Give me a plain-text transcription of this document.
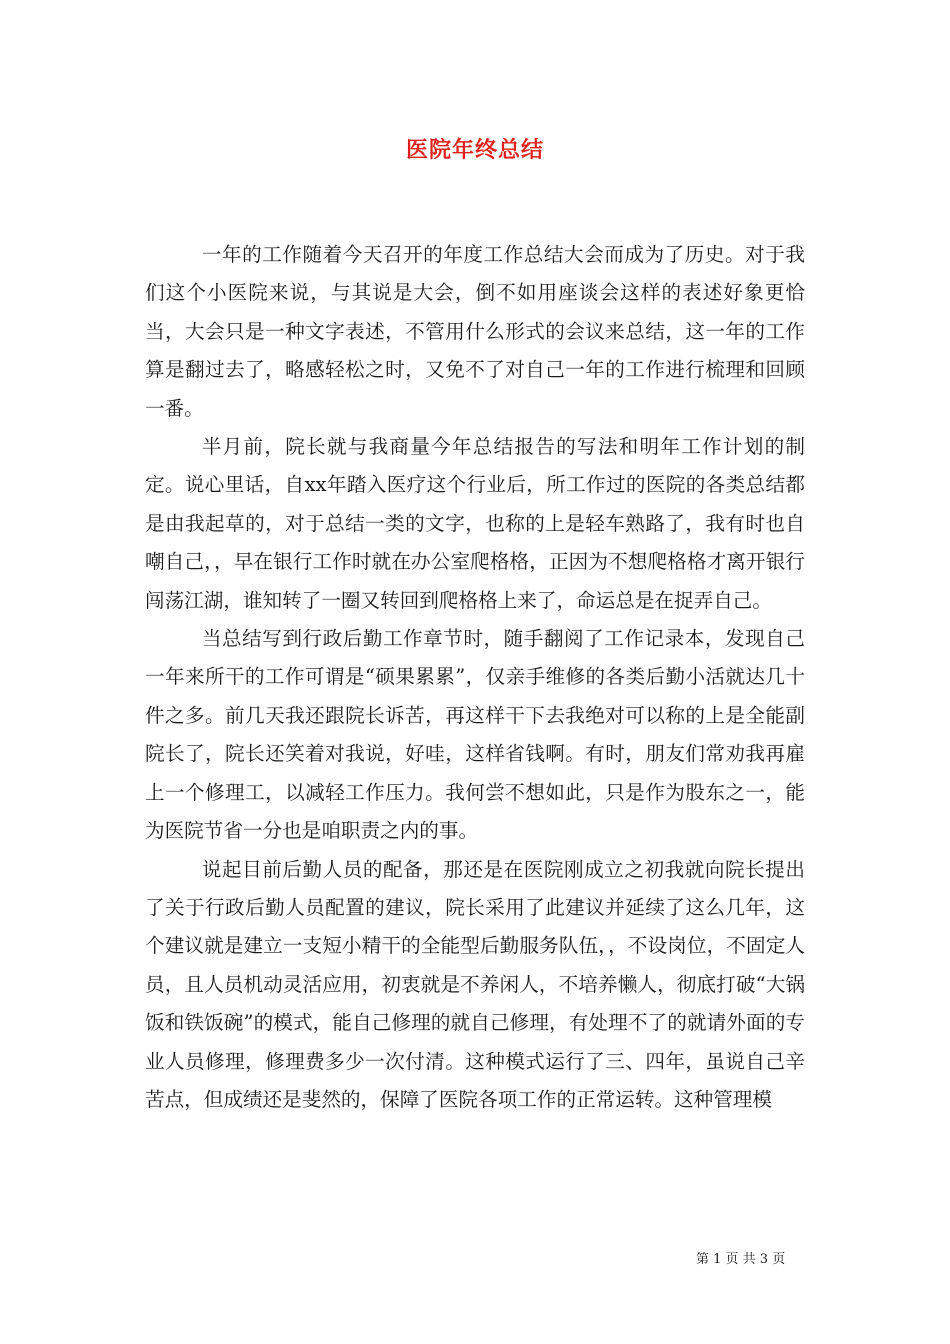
医院年终总结

一年的工作随着今天召开的年度工作总结大会而成为了历史。对于我们这个小医院来说，与其说是大会，倒不如用座谈会这样的表述好象更恰当，大会只是一种文字表述，不管用什么形式的会议来总结，这一年的工作算是翻过去了，略感轻松之时，又免不了对自己一年的工作进行梳理和回顾一番。

半月前，院长就与我商量今年总结报告的写法和明年工作计划的制定。说心里话，自xx年踏入医疗这个行业后，所工作过的医院的各类总结都是由我起草的，对于总结一类的文字，也称的上是轻车熟路了，我有时也自嘲自己，，早在银行工作时就在办公室爬格格，正因为不想爬格格才离开银行闯荡江湖，谁知转了一圈又转回到爬格格上来了，命运总是在捉弄自己。

当总结写到行政后勤工作章节时，随手翻阅了工作记录本，发现自己一年来所干的工作可谓是“硕果累累”，仅亲手维修的各类后勤小活就达几十件之多。前几天我还跟院长诉苦，再这样干下去我绝对可以称的上是全能副院长了，院长还笑着对我说，好哇，这样省钱啊。有时，朋友们常劝我再雇上一个修理工，以减轻工作压力。我何尝不想如此，只是作为股东之一，能为医院节省一分也是咱职责之内的事。

说起目前后勤人员的配备，那还是在医院刚成立之初我就向院长提出了关于行政后勤人员配置的建议，院长采用了此建议并延续了这么几年，这个建议就是建立一支短小精干的全能型后勤服务队伍，，不设岗位，不固定人员，且人员机动灵活应用，初衷就是不养闲人，不培养懒人，彻底打破“大锅饭和铁饭碗”的模式，能自己修理的就自己修理，有处理不了的就请外面的专业人员修理，修理费多少一次付清。这种模式运行了三、四年，虽说自己辛苦点，但成绩还是斐然的，保障了医院各项工作的正常运转。这种管理模

第 1 页 共 3 页
